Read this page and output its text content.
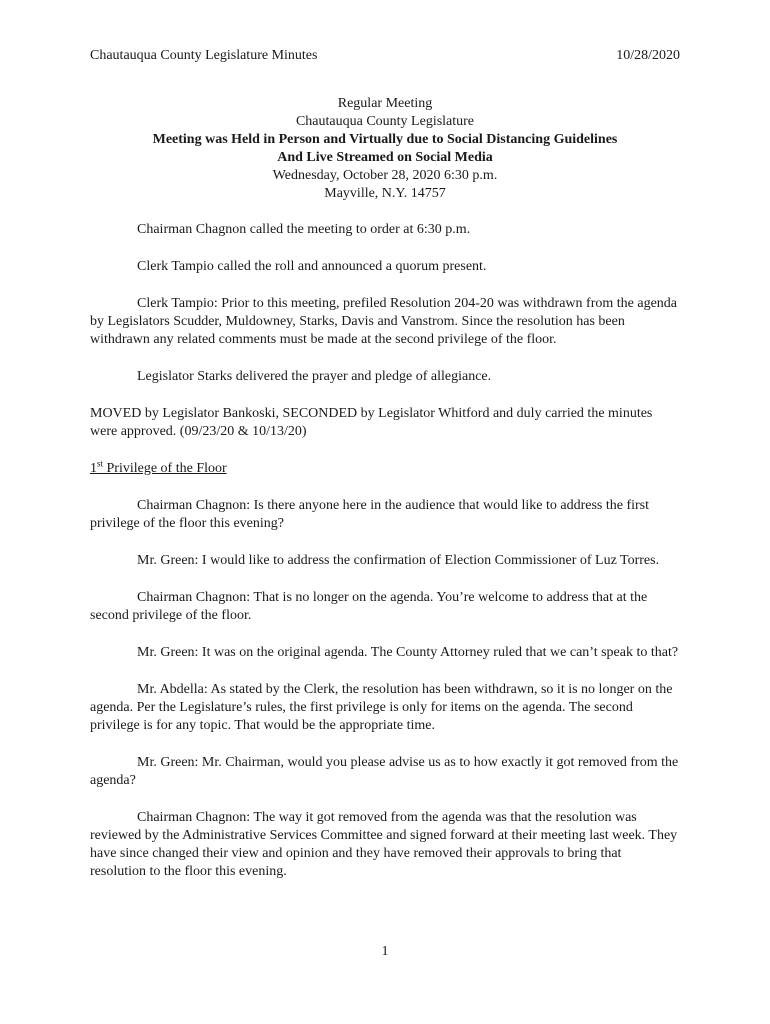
Chautauqua County Legislature Minutes	10/28/2020
Regular Meeting
Chautauqua County Legislature
Meeting was Held in Person and Virtually due to Social Distancing Guidelines
And Live Streamed on Social Media
Wednesday, October 28, 2020 6:30 p.m.
Mayville, N.Y. 14757

Chairman Chagnon called the meeting to order at 6:30 p.m.

Clerk Tampio called the roll and announced a quorum present.

Clerk Tampio: Prior to this meeting, prefiled Resolution 204-20 was withdrawn from the agenda by Legislators Scudder, Muldowney, Starks, Davis and Vanstrom. Since the resolution has been withdrawn any related comments must be made at the second privilege of the floor.

Legislator Starks delivered the prayer and pledge of allegiance.

MOVED by Legislator Bankoski, SECONDED by Legislator Whitford and duly carried the minutes were approved. (09/23/20 & 10/13/20)

1st Privilege of the Floor

Chairman Chagnon: Is there anyone here in the audience that would like to address the first privilege of the floor this evening?

Mr. Green: I would like to address the confirmation of Election Commissioner of Luz Torres.

Chairman Chagnon: That is no longer on the agenda. You’re welcome to address that at the second privilege of the floor.

Mr. Green: It was on the original agenda. The County Attorney ruled that we can’t speak to that?

Mr. Abdella: As stated by the Clerk, the resolution has been withdrawn, so it is no longer on the agenda. Per the Legislature’s rules, the first privilege is only for items on the agenda. The second privilege is for any topic. That would be the appropriate time.

Mr. Green: Mr. Chairman, would you please advise us as to how exactly it got removed from the agenda?

Chairman Chagnon: The way it got removed from the agenda was that the resolution was reviewed by the Administrative Services Committee and signed forward at their meeting last week. They have since changed their view and opinion and they have removed their approvals to bring that resolution to the floor this evening.

1
